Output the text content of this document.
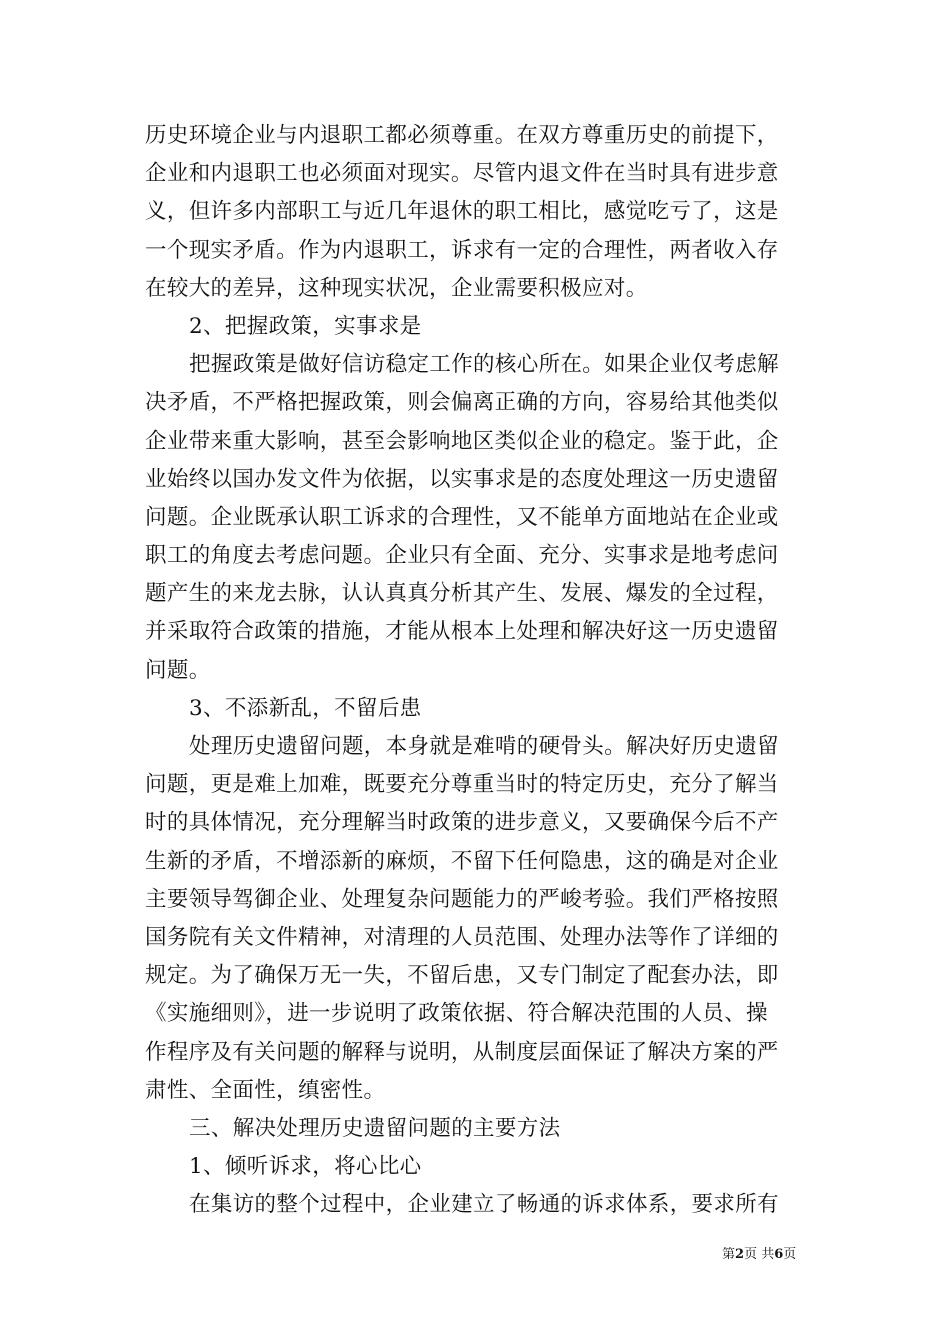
历史环境企业与内退职工都必须尊重。在双方尊重历史的前提下，
企业和内退职工也必须面对现实。尽管内退文件在当时具有进步意
义，但许多内部职工与近几年退休的职工相比，感觉吃亏了，这是
一个现实矛盾。作为内退职工，诉求有一定的合理性，两者收入存
在较大的差异，这种现实状况，企业需要积极应对。
2、把握政策，实事求是
把握政策是做好信访稳定工作的核心所在。如果企业仅考虑解
决矛盾，不严格把握政策，则会偏离正确的方向，容易给其他类似
企业带来重大影响，甚至会影响地区类似企业的稳定。鉴于此，企
业始终以国办发文件为依据，以实事求是的态度处理这一历史遗留
问题。企业既承认职工诉求的合理性，又不能单方面地站在企业或
职工的角度去考虑问题。企业只有全面、充分、实事求是地考虑问
题产生的来龙去脉，认认真真分析其产生、发展、爆发的全过程，
并采取符合政策的措施，才能从根本上处理和解决好这一历史遗留
问题。
3、不添新乱，不留后患
处理历史遗留问题，本身就是难啃的硬骨头。解决好历史遗留
问题，更是难上加难，既要充分尊重当时的特定历史，充分了解当
时的具体情况，充分理解当时政策的进步意义，又要确保今后不产
生新的矛盾，不增添新的麻烦，不留下任何隐患，这的确是对企业
主要领导驾御企业、处理复杂问题能力的严峻考验。我们严格按照
国务院有关文件精神，对清理的人员范围、处理办法等作了详细的
规定。为了确保万无一失，不留后患，又专门制定了配套办法，即
《实施细则》，进一步说明了政策依据、符合解决范围的人员、操
作程序及有关问题的解释与说明，从制度层面保证了解决方案的严
肃性、全面性，缜密性。
三、解决处理历史遗留问题的主要方法
1、倾听诉求，将心比心
在集访的整个过程中，企业建立了畅通的诉求体系，要求所有
第2页 共6页
